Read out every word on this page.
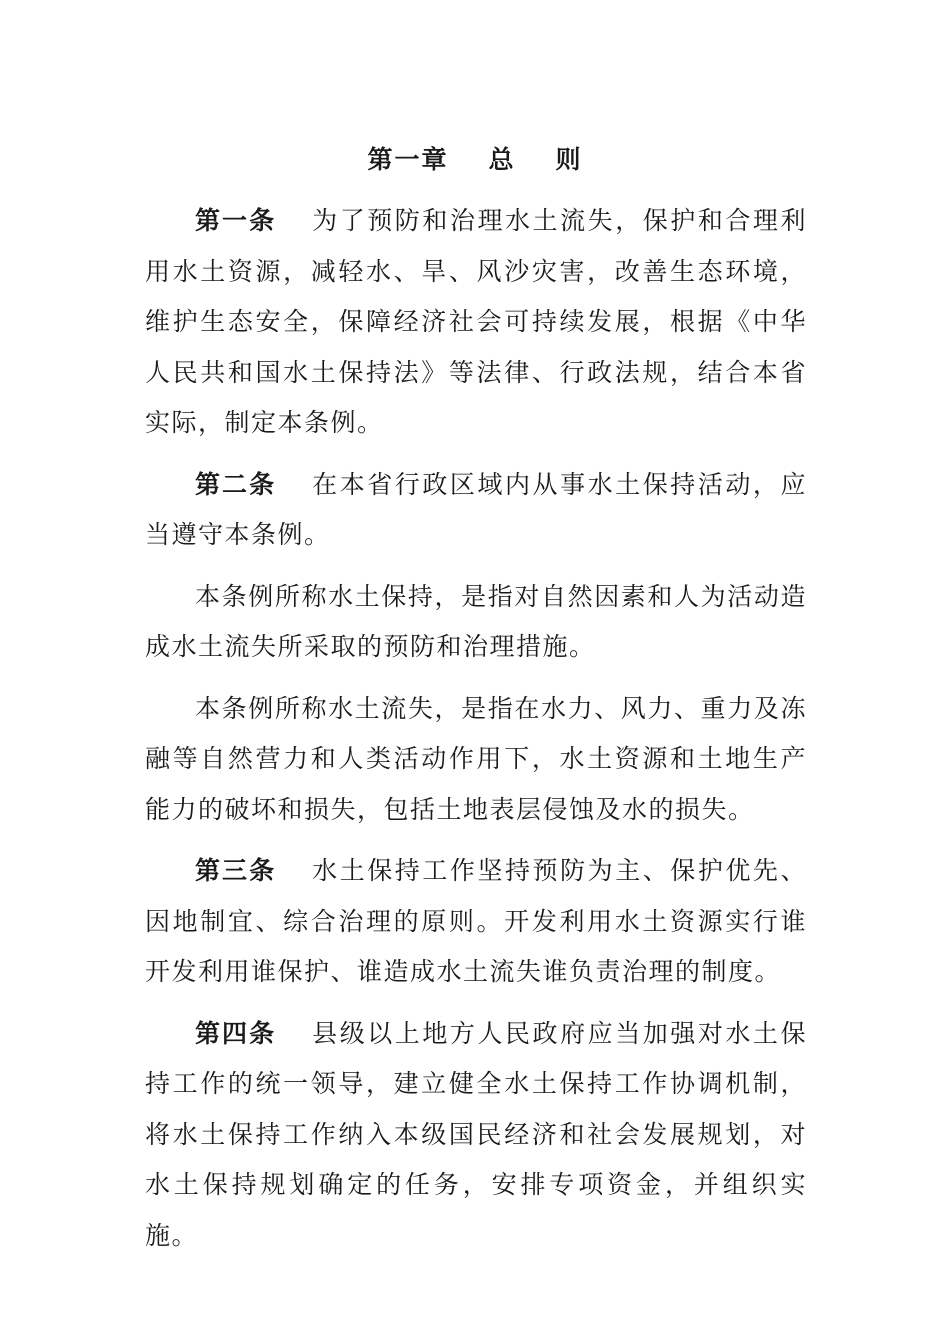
第一章 总 则

第一条 为了预防和治理水土流失，保护和合理利用水土资源，减轻水、旱、风沙灾害，改善生态环境，维护生态安全，保障经济社会可持续发展，根据《中华人民共和国水土保持法》等法律、行政法规，结合本省实际，制定本条例。

第二条 在本省行政区域内从事水土保持活动，应当遵守本条例。

本条例所称水土保持，是指对自然因素和人为活动造成水土流失所采取的预防和治理措施。

本条例所称水土流失，是指在水力、风力、重力及冻融等自然营力和人类活动作用下，水土资源和土地生产能力的破坏和损失，包括土地表层侵蚀及水的损失。

第三条 水土保持工作坚持预防为主、保护优先、因地制宜、综合治理的原则。开发利用水土资源实行谁开发利用谁保护、谁造成水土流失谁负责治理的制度。

第四条 县级以上地方人民政府应当加强对水土保持工作的统一领导，建立健全水土保持工作协调机制，将水土保持工作纳入本级国民经济和社会发展规划，对水土保持规划确定的任务，安排专项资金，并组织实施。
